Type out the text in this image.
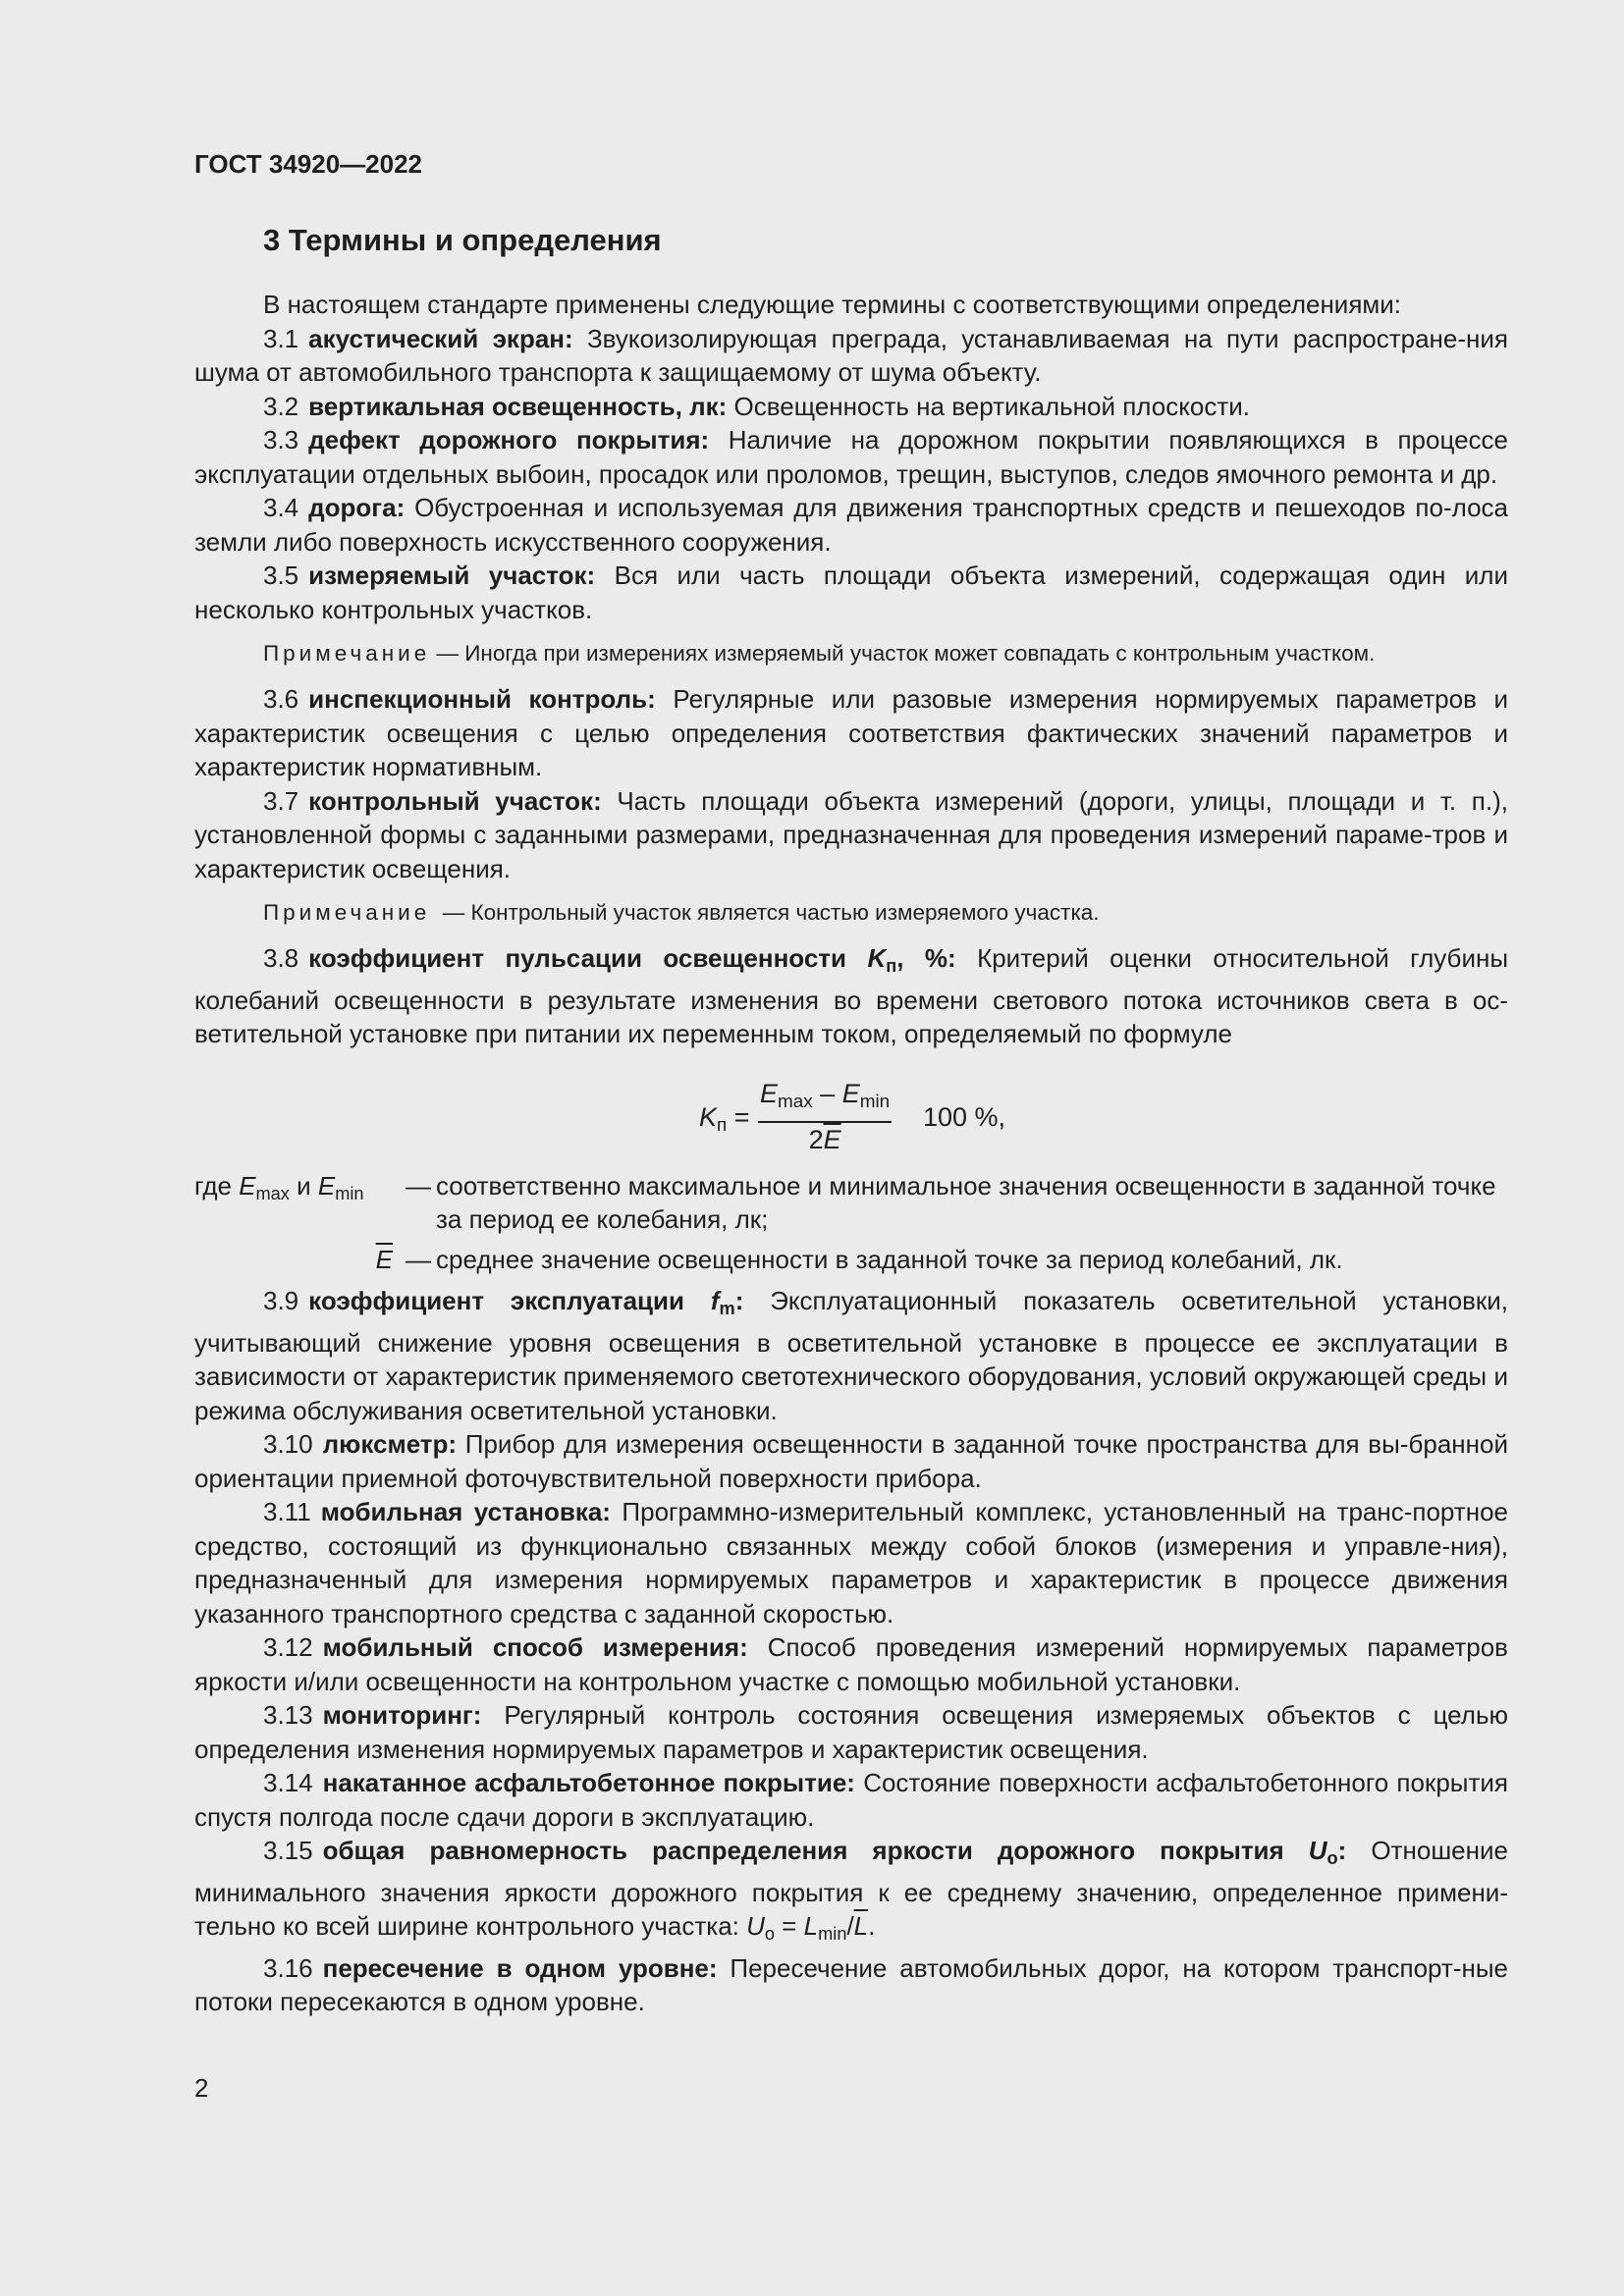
ГОСТ 34920—2022
3 Термины и определения

В настоящем стандарте применены следующие термины с соответствующими определениями:

3.1 акустический экран: Звукоизолирующая преграда, устанавливаемая на пути распростране-ния шума от автомобильного транспорта к защищаемому от шума объекту.

3.2 вертикальная освещенность, лк: Освещенность на вертикальной плоскости.

3.3 дефект дорожного покрытия: Наличие на дорожном покрытии появляющихся в процессе эксплуатации отдельных выбоин, просадок или проломов, трещин, выступов, следов ямочного ремонта и др.

3.4 дорога: Обустроенная и используемая для движения транспортных средств и пешеходов по-лоса земли либо поверхность искусственного сооружения.

3.5 измеряемый участок: Вся или часть площади объекта измерений, содержащая один или несколько контрольных участков.

Примечание — Иногда при измерениях измеряемый участок может совпадать с контрольным участком.

3.6 инспекционный контроль: Регулярные или разовые измерения нормируемых параметров и характеристик освещения с целью определения соответствия фактических значений параметров и характеристик нормативным.

3.7 контрольный участок: Часть площади объекта измерений (дороги, улицы, площади и т. п.), установленной формы с заданными размерами, предназначенная для проведения измерений параме-тров и характеристик освещения.

Примечание — Контрольный участок является частью измеряемого участка.

3.8 коэффициент пульсации освещенности $K_п$, %: Критерий оценки относительной глубины колебаний освещенности в результате изменения во времени светового потока источников света в ос-ветительной установке при питании их переменным током, определяемый по формуле

$K_п$ =
$E_{max} - E_{min}$
$2\overline{E}$
100 %,
где $E_{max}$ и $E_{min}$	— соответственно максимальное и минимальное значения освещенности в заданной точке за период ее колебания, лк;
$\overline{E}$ — среднее значение освещенности в заданной точке за период колебаний, лк.

3.9 коэффициент эксплуатации $f_m$: Эксплуатационный показатель осветительной установки, учитывающий снижение уровня освещения в осветительной установке в процессе ее эксплуатации в зависимости от характеристик применяемого светотехнического оборудования, условий окружающей среды и режима обслуживания осветительной установки.

3.10 люксметр: Прибор для измерения освещенности в заданной точке пространства для вы-бранной ориентации приемной фоточувствительной поверхности прибора.

3.11 мобильная установка: Программно-измерительный комплекс, установленный на транс-портное средство, состоящий из функционально связанных между собой блоков (измерения и управле-ния), предназначенный для измерения нормируемых параметров и характеристик в процессе движения указанного транспортного средства с заданной скоростью.

3.12 мобильный способ измерения: Способ проведения измерений нормируемых параметров яркости и/или освещенности на контрольном участке с помощью мобильной установки.

3.13 мониторинг: Регулярный контроль состояния освещения измеряемых объектов с целью определения изменения нормируемых параметров и характеристик освещения.

3.14 накатанное асфальтобетонное покрытие: Состояние поверхности асфальтобетонного покрытия спустя полгода после сдачи дороги в эксплуатацию.

3.15 общая равномерность распределения яркости дорожного покрытия $U_o$: Отношение минимального значения яркости дорожного покрытия к ее среднему значению, определенное примени-тельно ко всей ширине контрольного участка: $U_o = L_{min}/\overline{L}$.

3.16 пересечение в одном уровне: Пересечение автомобильных дорог, на котором транспорт-ные потоки пересекаются в одном уровне.

2
